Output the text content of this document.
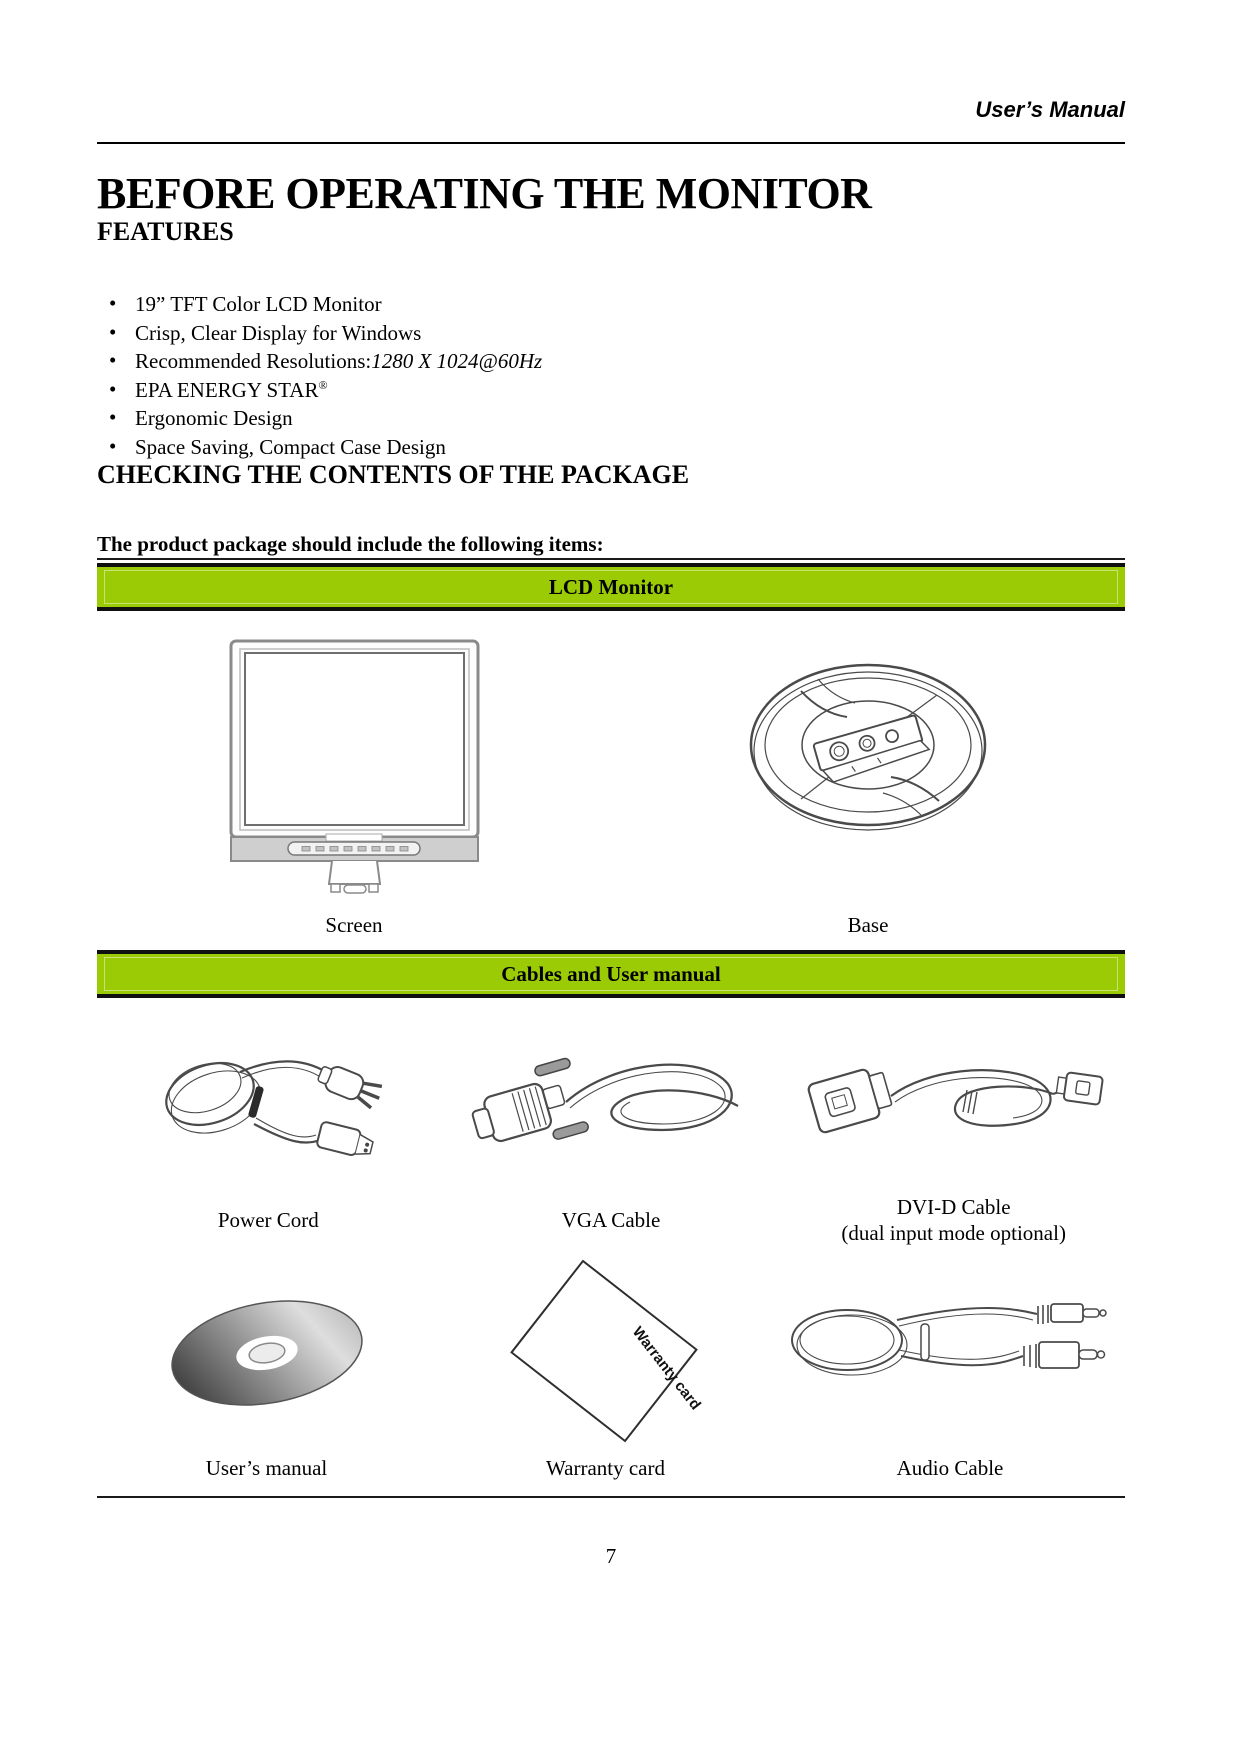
User’s Manual
BEFORE OPERATING THE MONITOR
FEATURES
• 19” TFT Color LCD Monitor
• Crisp, Clear Display for Windows
• Recommended Resolutions:1280 X 1024@60Hz
• EPA ENERGY STAR®
• Ergonomic Design
• Space Saving, Compact Case Design
CHECKING THE CONTENTS OF THE PACKAGE

The product package should include the following items:

LCD Monitor
Screen	Base
Cables and User manual
Power Cord	VGA Cable
DVI-D Cable
(dual input mode optional)
User’s manual
Warranty card
Warranty card	Audio Cable
7
